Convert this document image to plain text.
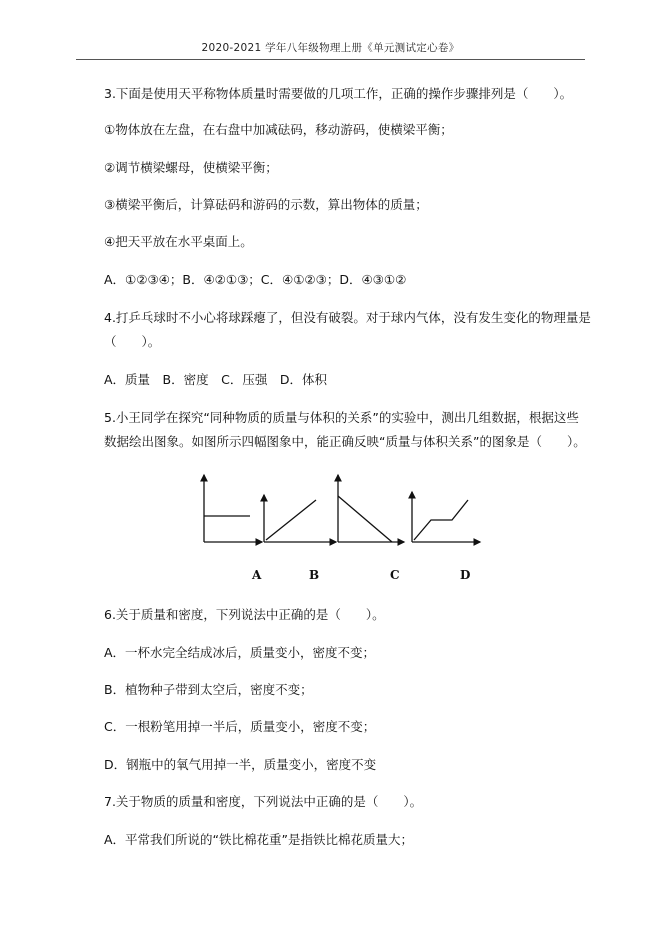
2020-2021 学年八年级物理上册《单元测试定心卷》
3.下面是使用天平称物体质量时需要做的几项工作，正确的操作步骤排列是（　　）。
①物体放在左盘，在右盘中加减砝码，移动游码，使横梁平衡；
②调节横梁螺母，使横梁平衡；
③横梁平衡后，计算砝码和游码的示数，算出物体的质量；
④把天平放在水平桌面上。
A．①②③④；B．④②①③；C．④①②③；D．④③①②
4.打乒乓球时不小心将球踩瘪了，但没有破裂。对于球内气体，没有发生变化的物理量是
（　　）。
A．质量　B．密度　C．压强　D．体积
5.小王同学在探究“同种物质的质量与体积的关系”的实验中，测出几组数据，根据这些
数据绘出图象。如图所示四幅图象中，能正确反映“质量与体积关系”的图象是（　　）。
A	B	C	D
6.关于质量和密度，下列说法中正确的是（　　）。
A．一杯水完全结成冰后，质量变小，密度不变；
B．植物种子带到太空后，密度不变；
C．一根粉笔用掉一半后，质量变小，密度不变；
D．钢瓶中的氧气用掉一半，质量变小，密度不变
7.关于物质的质量和密度，下列说法中正确的是（　　）。
A．平常我们所说的“铁比棉花重”是指铁比棉花质量大；
